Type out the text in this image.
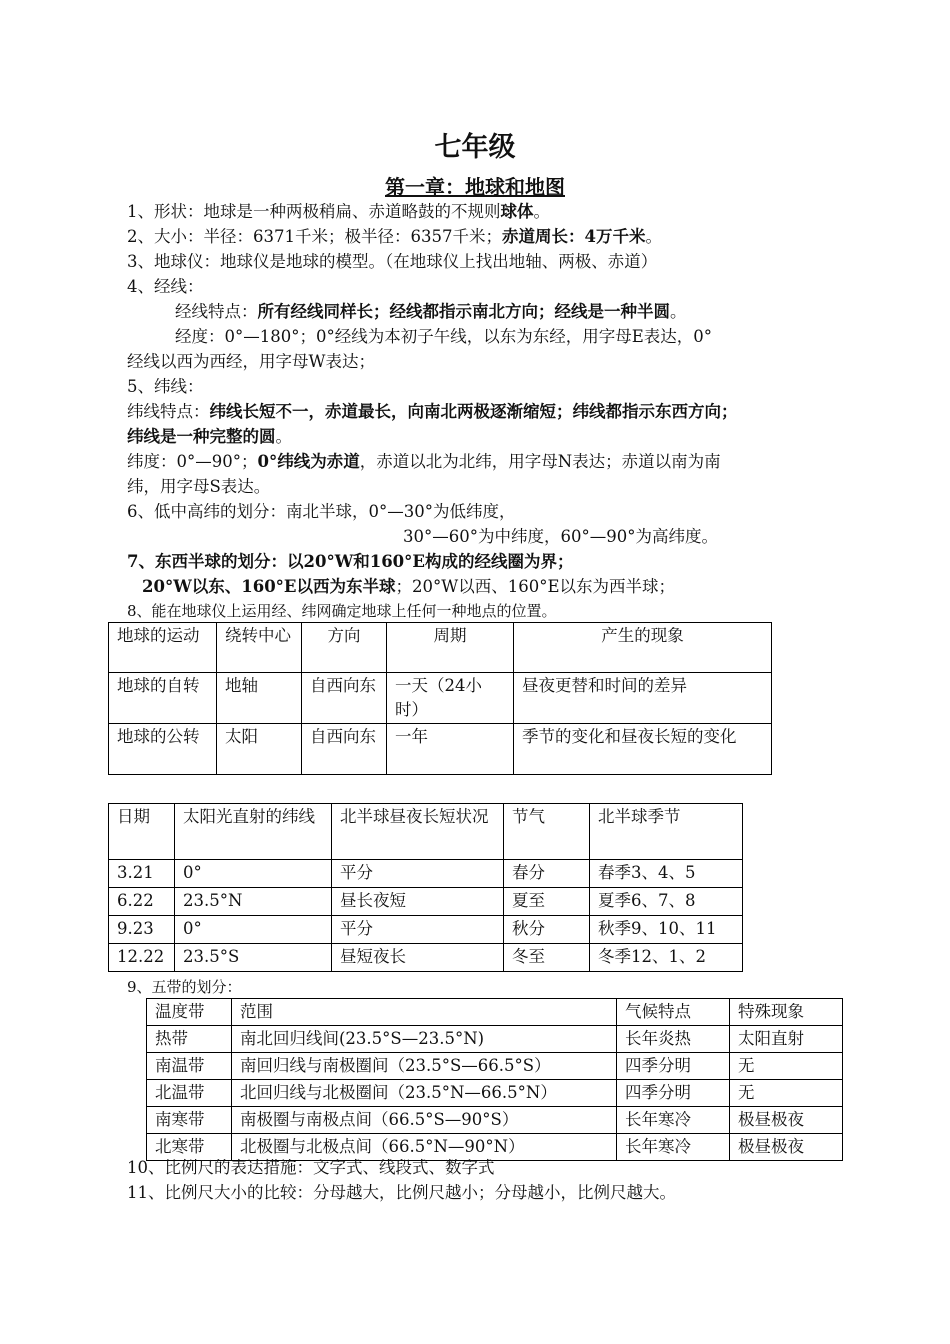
七年级
第一章：地球和地图
1、形状：地球是一种两极稍扁、赤道略鼓的不规则球体。
2、大小：半径：6371千米；极半径：6357千米；赤道周长：4万千米。
3、地球仪：地球仪是地球的模型。（在地球仪上找出地轴、两极、赤道）
4、经线：
经线特点：所有经线同样长；经线都指示南北方向；经线是一种半圆。
经度：0°—180°；0°经线为本初子午线，以东为东经，用字母E表达，0°
经线以西为西经，用字母W表达；
5、纬线：
纬线特点：纬线长短不一，赤道最长，向南北两极逐渐缩短；纬线都指示东西方向；
纬线是一种完整的圆。
纬度：0°—90°；0°纬线为赤道，赤道以北为北纬，用字母N表达；赤道以南为南
纬，用字母S表达。
6、低中高纬的划分：南北半球，0°—30°为低纬度，
30°—60°为中纬度，60°—90°为高纬度。
7、东西半球的划分：以20°W和160°E构成的经线圈为界；
20°W以东、160°E以西为东半球；20°W以西、160°E以东为西半球；
8、能在地球仪上运用经、纬网确定地球上任何一种地点的位置。
地球的运动	绕转中心	方向	周期	产生的现象
地球的自转	地轴	自西向东	一天（24小时）	昼夜更替和时间的差异
地球的公转	太阳	自西向东	一年	季节的变化和昼夜长短的变化
日期	太阳光直射的纬线	北半球昼夜长短状况	节气	北半球季节
3.21	0°	平分	春分	春季3、4、5
6.22	23.5°N	昼长夜短	夏至	夏季6、7、8
9.23	0°	平分	秋分	秋季9、10、11
12.22	23.5°S	昼短夜长	冬至	冬季12、1、2
9、五带的划分：
温度带	范围	气候特点	特殊现象
热带	南北回归线间(23.5°S—23.5°N)	长年炎热	太阳直射
南温带	南回归线与南极圈间（23.5°S—66.5°S）	四季分明	无
北温带	北回归线与北极圈间（23.5°N—66.5°N）	四季分明	无
南寒带	南极圈与南极点间（66.5°S—90°S）	长年寒冷	极昼极夜
北寒带	北极圈与北极点间（66.5°N—90°N）	长年寒冷	极昼极夜
10、比例尺的表达措施：文字式、线段式、数字式
11、比例尺大小的比较：分母越大，比例尺越小；分母越小，比例尺越大。
